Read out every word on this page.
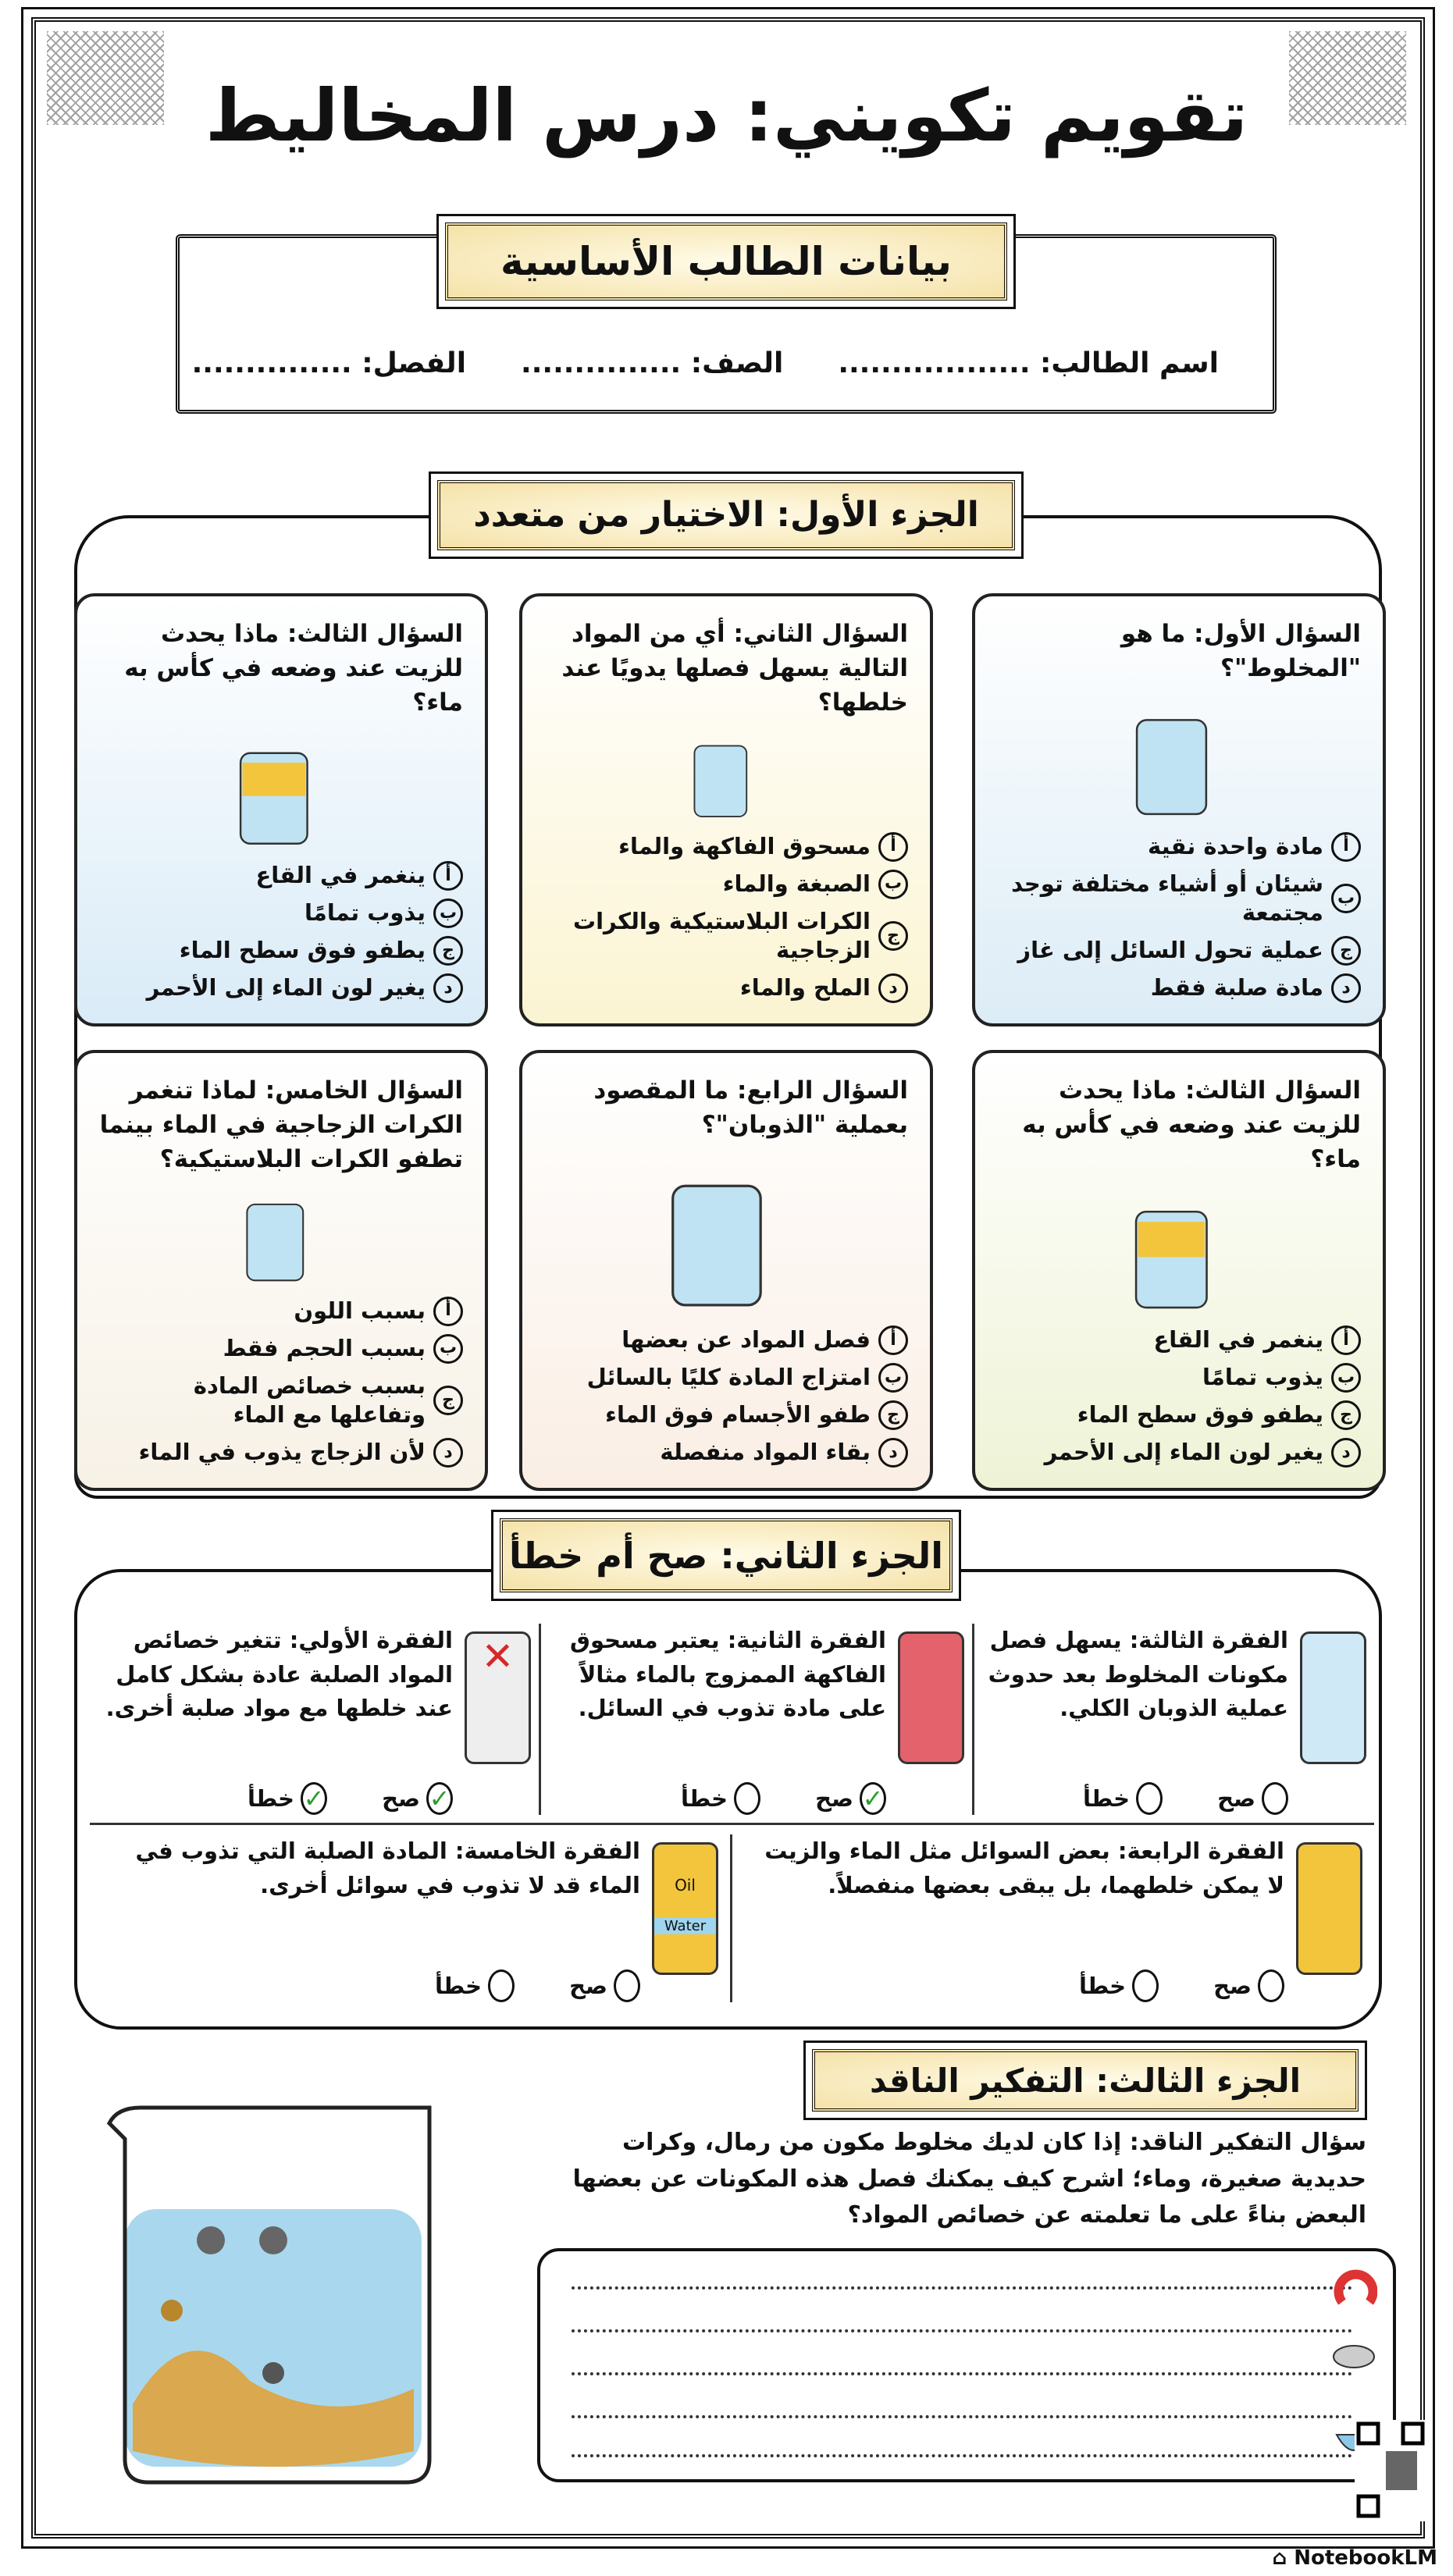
تقويم تكويني: درس المخاليط
بيانات الطالب الأساسية
اسم الطالب: ..................
الصف: ...............
الفصل: ...............
الجزء الأول: الاختيار من متعدد
السؤال الأول: ما هو "المخلوط"؟
أ
مادة واحدة نقية
ب
شيئان أو أشياء مختلفة توجد مجتمعة
ج
عملية تحول السائل إلى غاز
د
مادة صلبة فقط
السؤال الثاني: أي من المواد التالية يسهل فصلها يدويًا عند خلطها؟
أ
مسحوق الفاكهة والماء
ب
الصبغة والماء
ج
الكرات البلاستيكية والكرات الزجاجية
د
الملح والماء
السؤال الثالث: ماذا يحدث للزيت عند وضعه في كأس به ماء؟
أ
ينغمر في القاع
ب
يذوب تمامًا
ج
يطفو فوق سطح الماء
د
يغير لون الماء إلى الأحمر
السؤال الثالث: ماذا يحدث للزيت عند وضعه في كأس به ماء؟
أ
ينغمر في القاع
ب
يذوب تمامًا
ج
يطفو فوق سطح الماء
د
يغير لون الماء إلى الأحمر
السؤال الرابع: ما المقصود بعملية "الذوبان"؟
أ
فصل المواد عن بعضها
ب
امتزاج المادة كليًا بالسائل
ج
طفو الأجسام فوق الماء
د
بقاء المواد منفصلة
السؤال الخامس: لماذا تنغمر الكرات الزجاجية في الماء بينما تطفو الكرات البلاستيكية؟
أ
بسبب اللون
ب
بسبب الحجم فقط
ج
بسبب خصائص المادة وتفاعلها مع الماء
د
لأن الزجاج يذوب في الماء
الجزء الثاني: صح أم خطأ

الفقرة الثالثة: يسهل فصل مكونات المخلوط بعد حدوث عملية الذوبان الكلي.

صح
خطأ

الفقرة الثانية: يعتبر مسحوق الفاكهة الممزوج بالماء مثالاً على مادة تذوب في السائل.

✓
صح
خطأ

الفقرة الأولي: تتغير خصائص المواد الصلبة عادة بشكل كامل عند خلطها مع مواد صلبة أخرى.

✓
صح
✓
خطأ
✕

الفقرة الرابعة: بعض السوائل مثل الماء والزيت لا يمكن خلطهما، بل يبقى بعضها منفصلاً.

صح
خطأ

الفقرة الخامسة: المادة الصلبة التي تذوب في الماء قد لا تذوب في سوائل أخرى.

صح
خطأ
Oil
Water
الجزء الثالث: التفكير الناقد

سؤال التفكير الناقد: إذا كان لديك مخلوط مكون من رمال، وكرات حديدية صغيرة، وماء؛ اشرح كيف يمكنك فصل هذه المكونات عن بعضها البعض بناءً على ما تعلمته عن خصائص المواد؟

⌂ NotebookLM
